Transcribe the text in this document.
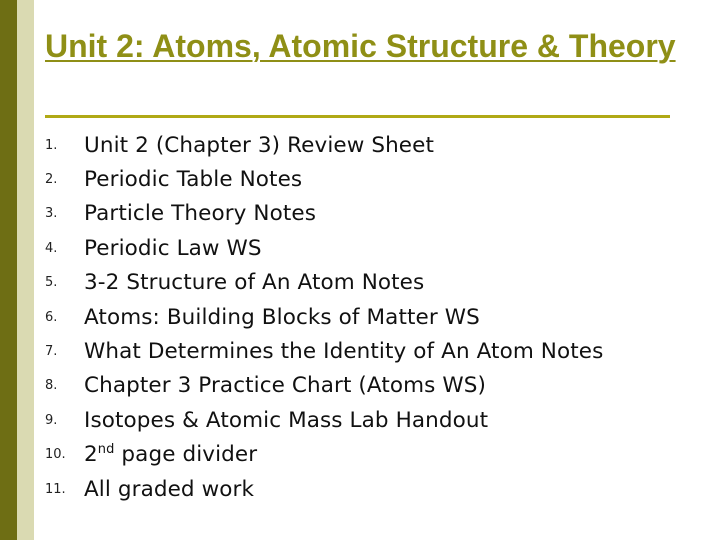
Unit 2: Atoms, Atomic Structure & Theory
1.	Unit 2 (Chapter 3) Review Sheet
2.	Periodic Table Notes
3.	Particle Theory Notes
4.	Periodic Law WS
5.	3-2 Structure of An Atom Notes
6.	Atoms: Building Blocks of Matter WS
7.	What Determines the Identity of An Atom Notes
8.	Chapter 3 Practice Chart (Atoms WS)
9.	Isotopes & Atomic Mass Lab Handout
10. 2nd page divider
11. All graded work
